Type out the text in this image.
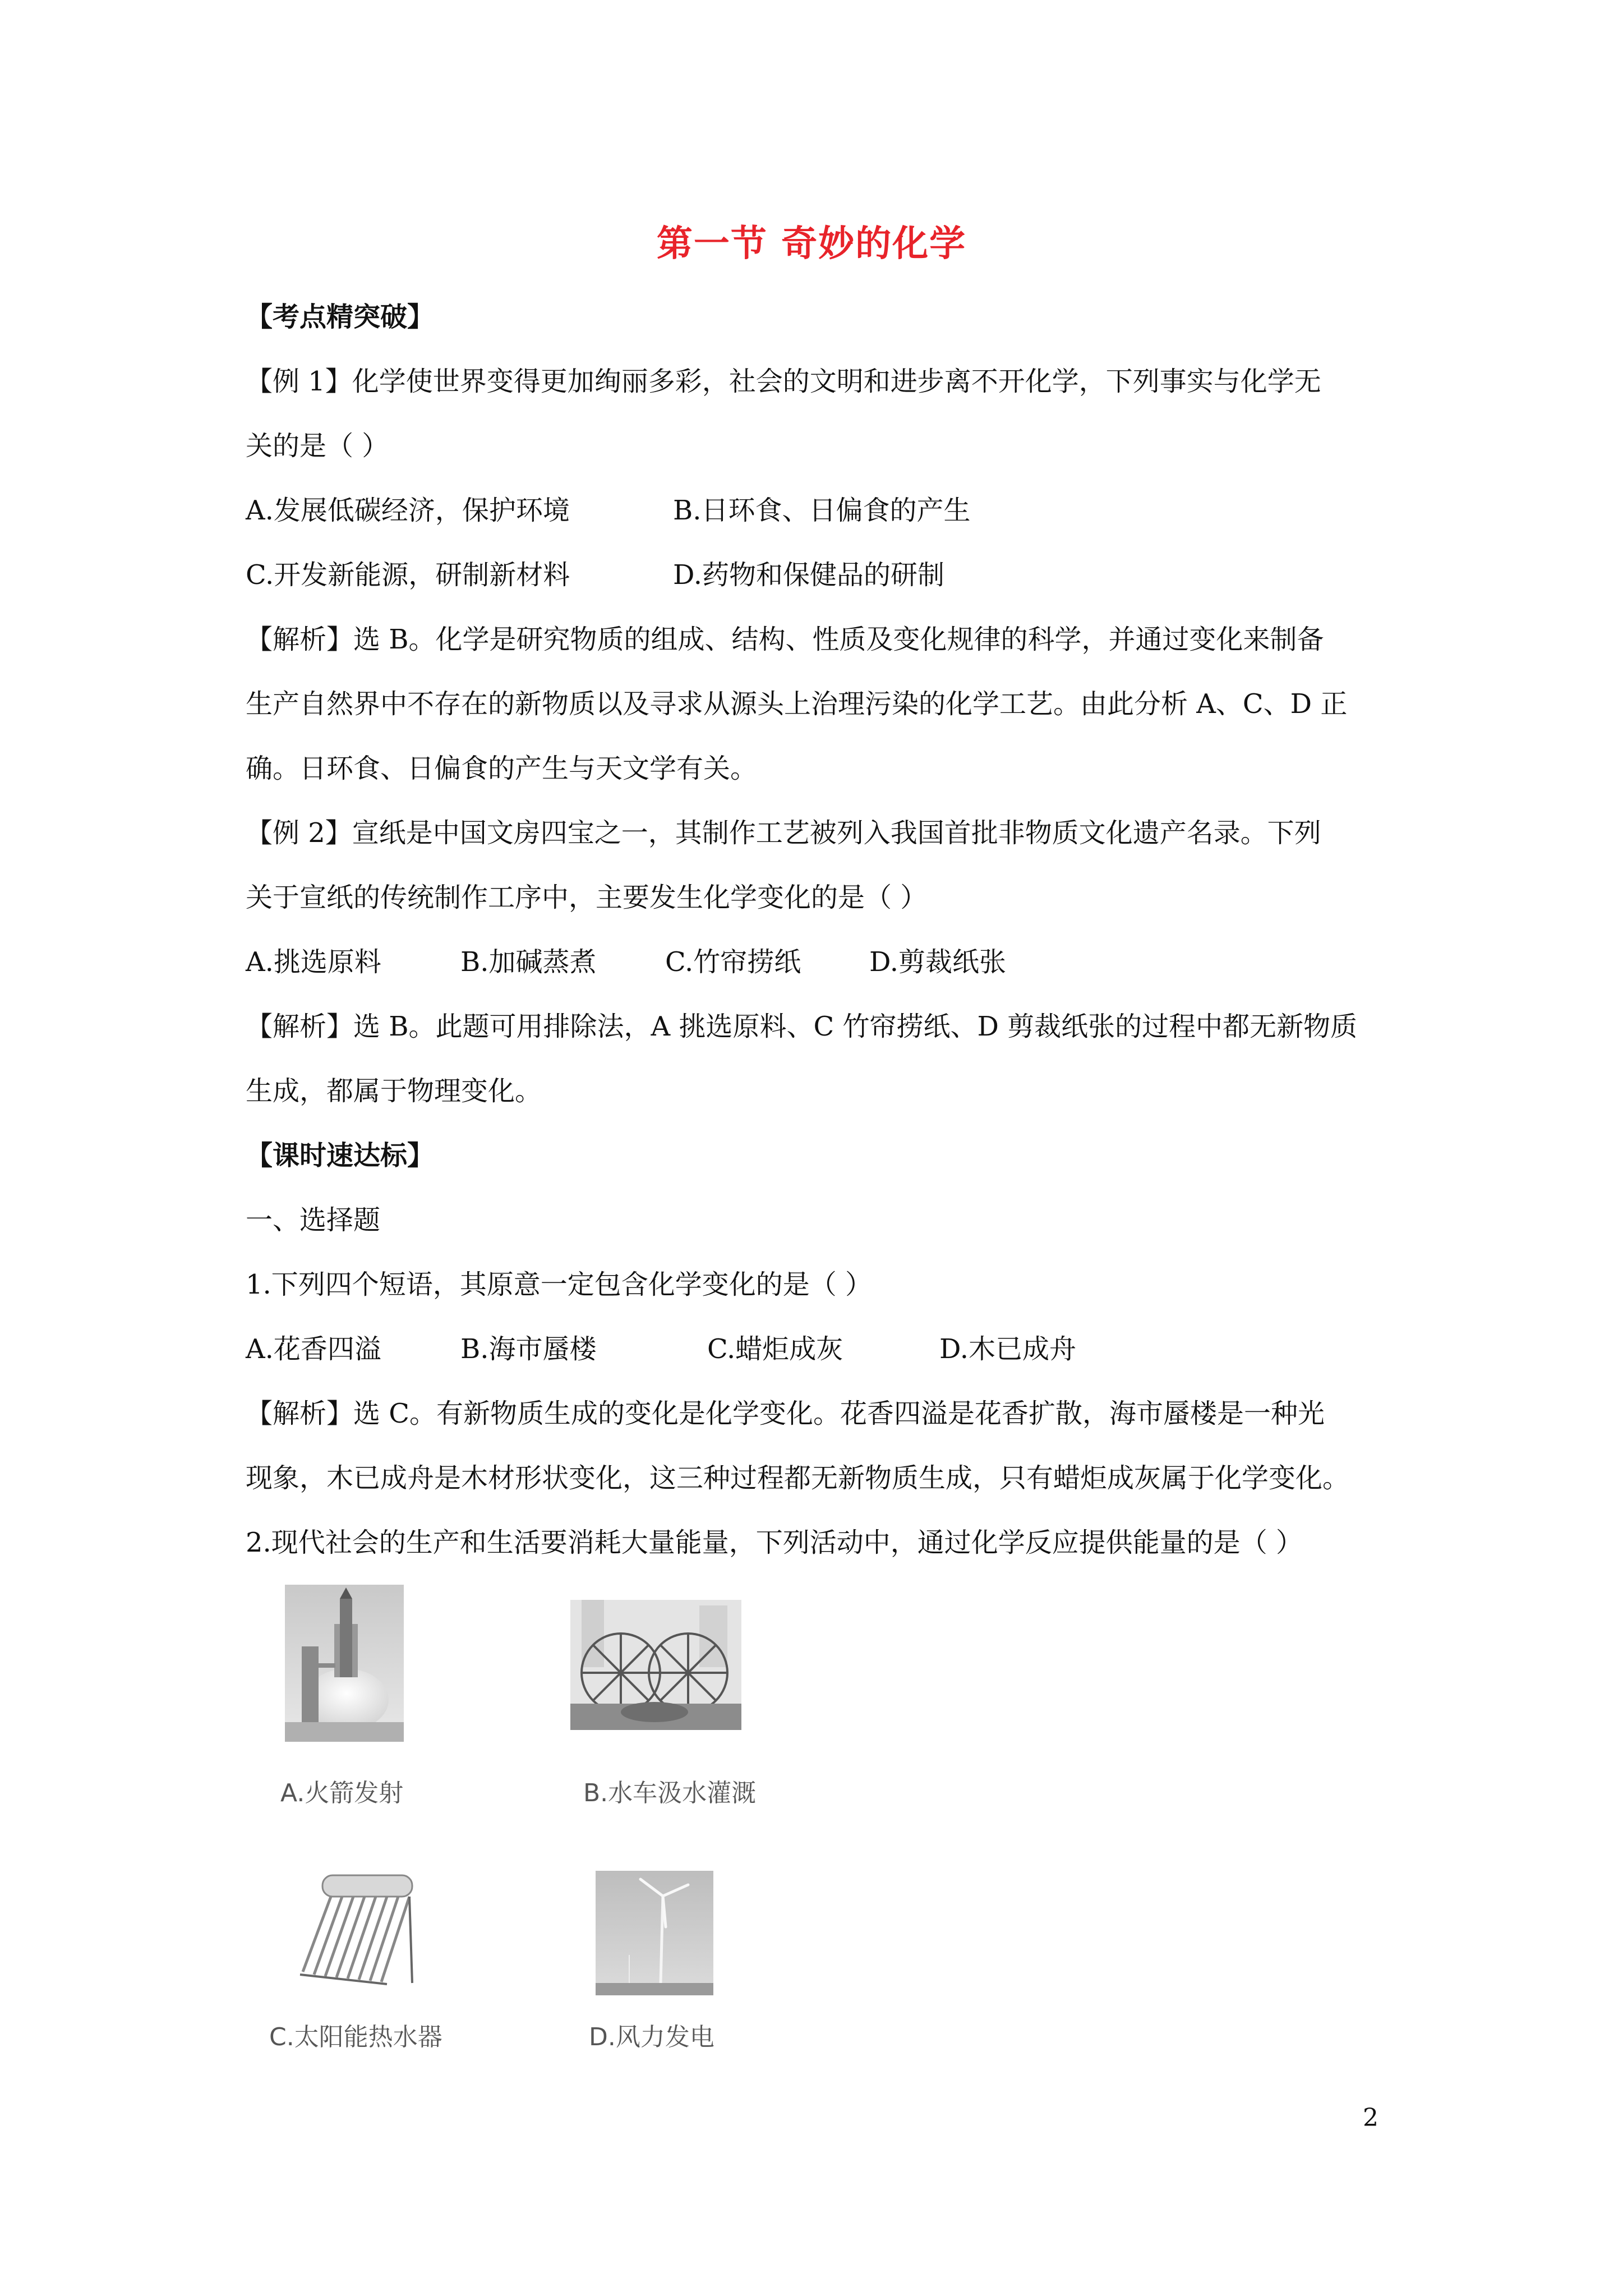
第一节 奇妙的化学
【考点精突破】
【例 1】化学使世界变得更加绚丽多彩，社会的文明和进步离不开化学，下列事实与化学无
关的是（ ）
A.发展低碳经济，保护环境	B.日环食、日偏食的产生
C.开发新能源，研制新材料	D.药物和保健品的研制
【解析】选 B。化学是研究物质的组成、结构、性质及变化规律的科学，并通过变化来制备
生产自然界中不存在的新物质以及寻求从源头上治理污染的化学工艺。由此分析 A、C、D 正
确。日环食、日偏食的产生与天文学有关。
【例 2】宣纸是中国文房四宝之一，其制作工艺被列入我国首批非物质文化遗产名录。下列
关于宣纸的传统制作工序中，主要发生化学变化的是（ ）
A.挑选原料	B.加碱蒸煮	C.竹帘捞纸	D.剪裁纸张
【解析】选 B。此题可用排除法，A 挑选原料、C 竹帘捞纸、D 剪裁纸张的过程中都无新物质
生成，都属于物理变化。
【课时速达标】
一、选择题
1.下列四个短语，其原意一定包含化学变化的是（ ）
A.花香四溢	B.海市蜃楼	C.蜡炬成灰	D.木已成舟
【解析】选 C。有新物质生成的变化是化学变化。花香四溢是花香扩散，海市蜃楼是一种光
现象，木已成舟是木材形状变化，这三种过程都无新物质生成，只有蜡炬成灰属于化学变化。
2.现代社会的生产和生活要消耗大量能量，下列活动中，通过化学反应提供能量的是（ ）
A.火箭发射	B.水车汲水灌溉
C.太阳能热水器	D.风力发电
2
